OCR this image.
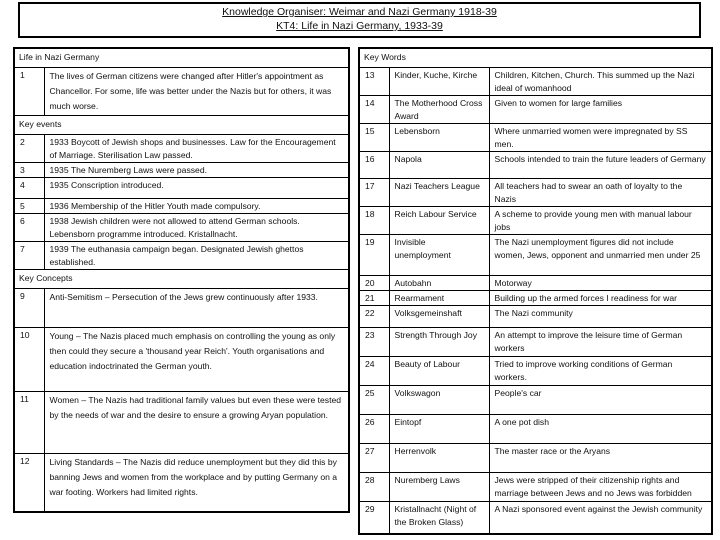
Knowledge Organiser: Weimar and Nazi Germany 1918-39
KT4: Life in Nazi Germany, 1933-39
Life in Nazi Germany	
1	The lives of German citizens were changed after Hitler's appointment as Chancellor. For some, life was better under the Nazis but for others, it was much worse.
Key events	
2	1933 Boycott of Jewish shops and businesses. Law for the Encouragement of Marriage. Sterilisation Law passed.
3	1935 The Nuremberg Laws were passed.
4	1935 Conscription introduced.
5	1936 Membership of the Hitler Youth made compulsory.
6	1938 Jewish children were not allowed to attend German schools. Lebensborn programme introduced. Kristallnacht.
7	1939 The euthanasia campaign began. Designated Jewish ghettos established.
Key Concepts	
9	Anti-Semitism – Persecution of the Jews grew continuously after 1933.
10	Young – The Nazis placed much emphasis on controlling the young as only then could they secure a 'thousand year Reich'. Youth organisations and education indoctrinated the German youth.
11	Women – The Nazis had traditional family values but even these were tested by the needs of war and the desire to ensure a growing Aryan population.
12	Living Standards – The Nazis did reduce unemployment but they did this by banning Jews and women from the workplace and by putting Germany on a war footing. Workers had limited rights.
Key Words		
13	Kinder, Kuche, Kirche	Children, Kitchen, Church. This summed up the Nazi ideal of womanhood
14	The Motherhood Cross Award	Given to women for large families
15	Lebensborn	Where unmarried women were impregnated by SS men.
16	Napola	Schools intended to train the future leaders of Germany
17	Nazi Teachers League	All teachers had to swear an oath of loyalty to the Nazis
18	Reich Labour Service	A scheme to provide young men with manual labour jobs
19	Invisible unemployment	The Nazi unemployment figures did not include women, Jews, opponent and unmarried men under 25
20	Autobahn	Motorway
21	Rearmament	Building up the armed forces I readiness for war
22	Volksgemeinshaft	The Nazi community
23	Strength Through Joy	An attempt to improve the leisure time of German workers
24	Beauty of Labour	Tried to improve working conditions of German workers.
25	Volkswagon	People's car
26	Eintopf	A one pot dish
27	Herrenvolk	The master race or the Aryans
28	Nuremberg Laws	Jews were stripped of their citizenship rights and marriage between Jews and no Jews was forbidden
29	Kristallnacht (Night of the Broken Glass)	A Nazi sponsored event against the Jewish community
